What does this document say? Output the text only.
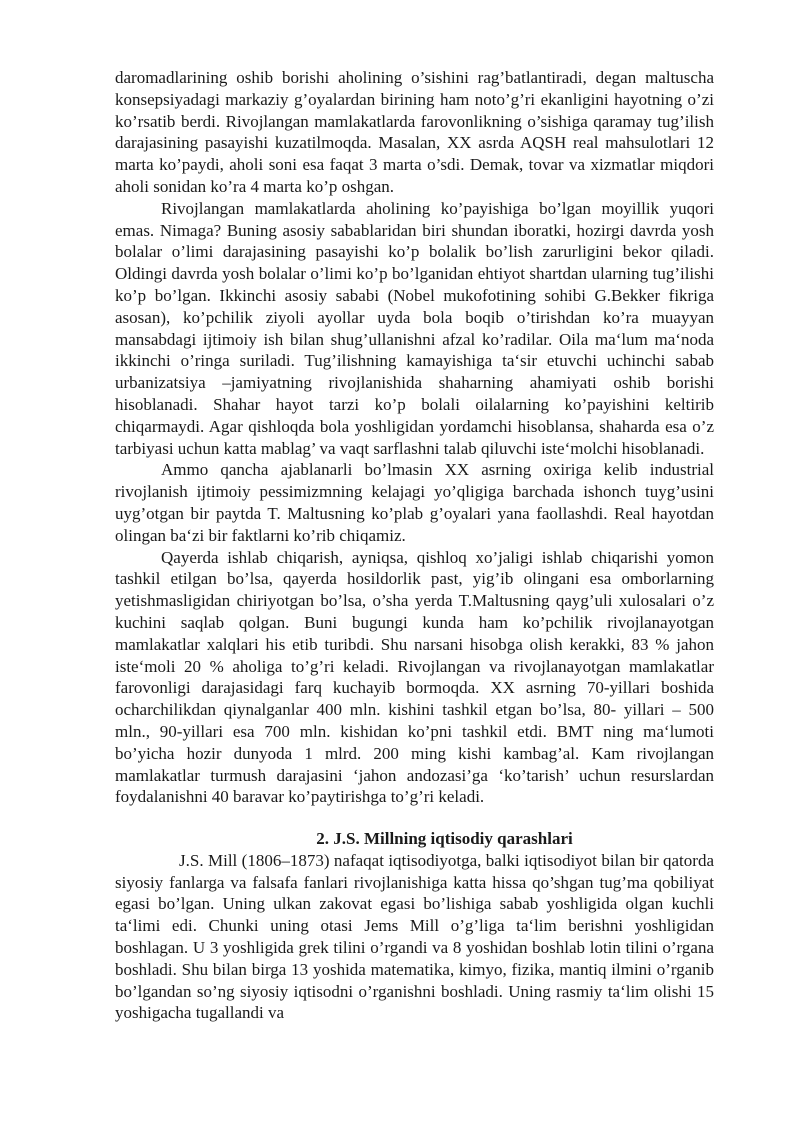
daromadlarining oshib borishi aholining o’sishini rag’batlantiradi, degan maltuscha konsepsiyadagi markaziy g’oyalardan birining ham noto’g’ri ekanligini hayotning o’zi ko’rsatib berdi. Rivojlangan mamlakatlarda farovonlikning o’sishiga qaramay tug’ilish darajasining pasayishi kuzatilmoqda. Masalan, XX asrda AQSH real mahsulotlari 12 marta ko’paydi, aholi soni esa faqat 3 marta o’sdi. Demak, tovar va xizmatlar miqdori aholi sonidan ko’ra 4 marta ko’p oshgan.

Rivojlangan mamlakatlarda aholining ko’payishiga bo’lgan moyillik yuqori emas. Nimaga? Buning asosiy sabablaridan biri shundan iboratki, hozirgi davrda yosh bolalar o’limi darajasining pasayishi ko’p bolalik bo’lish zarurligini bekor qiladi. Oldingi davrda yosh bolalar o’limi ko’p bo’lganidan ehtiyot shartdan ularning tug’ilishi ko’p bo’lgan. Ikkinchi asosiy sababi (Nobel mukofotining sohibi G.Bekker fikriga asosan), ko’pchilik ziyoli ayollar uyda bola boqib o’tirishdan ko’ra muayyan mansabdagi ijtimoiy ish bilan shug’ullanishni afzal ko’radilar. Oila ma‘lum ma‘noda ikkinchi o’ringa suriladi. Tug’ilishning kamayishiga ta‘sir etuvchi uchinchi sabab urbanizatsiya –jamiyatning rivojlanishida shaharning ahamiyati oshib borishi hisoblanadi. Shahar hayot tarzi ko’p bolali oilalarning ko’payishini keltirib chiqarmaydi. Agar qishloqda bola yoshligidan yordamchi hisoblansa, shaharda esa o’z tarbiyasi uchun katta mablag’ va vaqt sarflashni talab qiluvchi iste‘molchi hisoblanadi.

Ammo qancha ajablanarli bo’lmasin XX asrning oxiriga kelib industrial rivojlanish ijtimoiy pessimizmning kelajagi yo’qligiga barchada ishonch tuyg’usini uyg’otgan bir paytda T. Maltusning ko’plab g’oyalari yana faollashdi. Real hayotdan olingan ba‘zi bir faktlarni ko’rib chiqamiz.

Qayerda ishlab chiqarish, ayniqsa, qishloq xo’jaligi ishlab chiqarishi yomon tashkil etilgan bo’lsa, qayerda hosildorlik past, yig’ib olingani esa omborlarning yetishmasligidan chiriyotgan bo’lsa, o’sha yerda T.Maltusning qayg’uli xulosalari o’z kuchini saqlab qolgan. Buni bugungi kunda ham ko’pchilik rivojlanayotgan mamlakatlar xalqlari his etib turibdi. Shu narsani hisobga olish kerakki, 83 % jahon iste‘moli 20 % aholiga to’g’ri keladi. Rivojlangan va rivojlanayotgan mamlakatlar farovonligi darajasidagi farq kuchayib bormoqda. XX asrning 70-yillari boshida ocharchilikdan qiynalganlar 400 mln. kishini tashkil etgan bo’lsa, 80- yillari – 500 mln., 90-yillari esa 700 mln. kishidan ko’pni tashkil etdi. BMT ning ma‘lumoti bo’yicha hozir dunyoda 1 mlrd. 200 ming kishi kambag’al. Kam rivojlangan mamlakatlar turmush darajasini ‘jahon andozasi’ga ‘ko’tarish’ uchun resurslardan foydalanishni 40 baravar ko’paytirishga to’g’ri keladi.

2. J.S. Millning iqtisodiy qarashlari

J.S. Mill (1806–1873) nafaqat iqtisodiyotga, balki iqtisodiyot bilan bir qatorda siyosiy fanlarga va falsafa fanlari rivojlanishiga katta hissa qo’shgan tug’ma qobiliyat egasi bo’lgan. Uning ulkan zakovat egasi bo’lishiga sabab yoshligida olgan kuchli ta‘limi edi. Chunki uning otasi Jems Mill o’g’liga ta‘lim berishni yoshligidan boshlagan. U 3 yoshligida grek tilini o’rgandi va 8 yoshidan boshlab lotin tilini o’rgana boshladi. Shu bilan birga 13 yoshida matematika, kimyo, fizika, mantiq ilmini o’rganib bo’lgandan so’ng siyosiy iqtisodni o’rganishni boshladi. Uning rasmiy ta‘lim olishi 15 yoshigacha tugallandi va
